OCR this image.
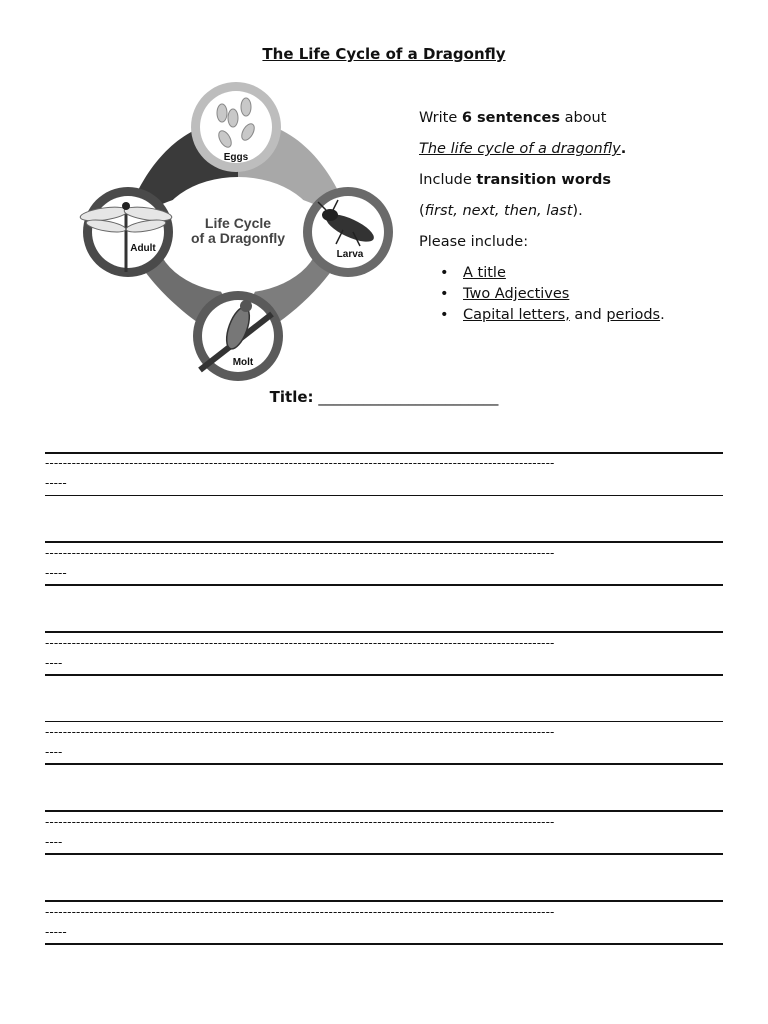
The Life Cycle of a Dragonfly
Life Cycle
of a Dragonfly
Eggs
Larva
Molt
Adult

Write 6 sentences about

The life cycle of a dragonfly.

Include transition words

(first, next, then, last).

Please include:

• A title
• Two Adjectives
• Capital letters, and periods.
Title: ________________________
-------------------------------------------------------------------------------------------------------------------
-----
-------------------------------------------------------------------------------------------------------------------
-----
-------------------------------------------------------------------------------------------------------------------
----
-------------------------------------------------------------------------------------------------------------------
----
-------------------------------------------------------------------------------------------------------------------
----
-------------------------------------------------------------------------------------------------------------------
-----
